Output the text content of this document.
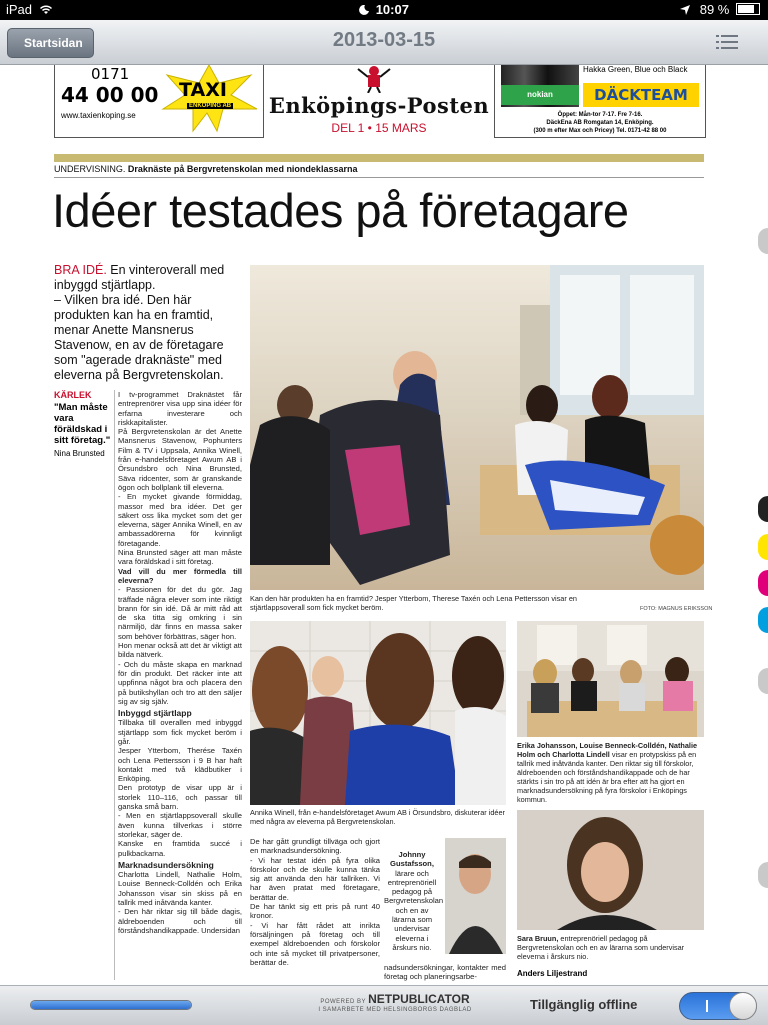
iPad	10:07	89 %
Startsidan	2013-03-15
0171
44 00 00
www.taxienkoping.se
TAXI
ENKÖPING AB Enköpings-Posten
DEL 1 • 15 MARS
nokian
Hakka Green, Blue och Black
DÄCKTEAM
Öppet: Mån-tor 7-17. Fre 7-16.
DäckEna AB Romgatan 14, Enköping.
(300 m efter Max och Pricey) Tel. 0171-42 88 00
UNDERVISNING. Draknäste på Bergvretenskolan med niondeklassarna
Idéer testades på företagare
BRA IDÉ. En vinteroverall med inbyggd stjärtlapp.
– Vilken bra idé. Den här produkten kan ha en framtid, menar Anette Mansnerus Stavenow, en av de företagare som "agerade draknäste" med eleverna på Bergvretenskolan.
KÄRLEK
"Man måste vara föräldskad i sitt företag."
Nina Brunsted

I tv-programmet Draknästet får entreprenörer visa upp sina idéer för erfarna investerare och riskkapitalister.

På Bergvretenskolan är det Anette Mansnerus Stavenow, Pophunters Film & TV i Uppsala, Annika Winell, från e-handelsföretaget Awum AB i Örsundsbro och Nina Brunsted, Säva ridcenter, som är granskande ögon och bollplank till eleverna.

- En mycket givande förmiddag, massor med bra idéer. Det ger säkert oss lika mycket som det ger eleverna, säger Annika Winell, en av ambassadörerna för kvinnligt företagande.

Nina Brunsted säger att man måste vara föräldskad i sitt företag.

Vad vill du mer förmedla till eleverna?

- Passionen för det du gör. Jag träffade några elever som inte riktigt brann för sin idé. Då är mitt råd att de ska titta sig omkring i sin närmiljö, där finns en massa saker som behöver förbättras, säger hon.

Hon menar också att det är viktigt att bilda nätverk.

- Och du måste skapa en marknad för din produkt. Det räcker inte att uppfinna något bra och placera den på butikshyllan och tro att den säljer sig av sig själv.

Inbyggd stjärtlapp

Tillbaka till overallen med inbyggd stjärtlapp som fick mycket beröm i går.

Jesper Ytterbom, Therése Taxén och Lena Pettersson i 9 B har haft kontakt med två klädbutiker i Enköping.

Den prototyp de visar upp är i storlek 110–116, och passar till ganska små barn.

- Men en stjärtlappsoverall skulle även kunna tillverkas i större storlekar, säger de.

Kanske en framtida succé i pulkbackarna.

Marknadsundersökning

Charlotta Lindell, Nathalie Holm, Louise Benneck-Colldén och Erika Johansson visar sin skiss på en tallrik med inåtvända kanter.

- Den här riktar sig till både dagis, äldreboenden och till förståndshandikappade. Undersidan

Kan den här produkten ha en framtid? Jesper Ytterbom, Therese Taxén och Lena Pettersson visar en stjärtlappsoverall som fick mycket beröm.	FOTO: MAGNUS ERIKSSON
Annika Winell, från e-handelsföretaget Awum AB i Örsundsbro, diskuterar idéer med några av eleverna på Bergvretenskolan.
Erika Johansson, Louise Benneck-Colldén, Nathalie Holm och Charlotta Lindell visar en protypskiss på en tallrik med inåtvända kanter. Den riktar sig till förskolor, äldreboenden och förståndshandikappade och de har stärkts i sin tro på att idén är bra efter att ha gjort en marknadsundersökning på fyra förskolor i Enköpings kommun.
Sara Bruun, entreprenöriell pedagog på Bergvretenskolan och en av lärarna som undervisar eleverna i årskurs nio.
Anders Liljestrand

De har gått grundligt tillväga och gjort en marknadsundersökning.

- Vi har testat idén på fyra olika förskolor och de skulle kunna tänka sig att använda den här tallriken. Vi har även pratat med företagare, berättar de.

De har tänkt sig ett pris på runt 40 kronor.

- Vi har fått rådet att inrikta försäljningen på företag och till exempel äldreboenden och förskolor och inte så mycket till privatpersoner, berättar de.

Johnny Gustafsson,

lärare och entreprenöriell pedagog på Bergvretenskolan och en av lärarna som undervisar eleverna i årskurs nio.

nadsundersökningar, kontakter med företag och planeringsarbe-

POWERED BY NETPUBLICATOR
I SAMARBETE MED HELSINGBORGS DAGBLAD	Tillgänglig offline
